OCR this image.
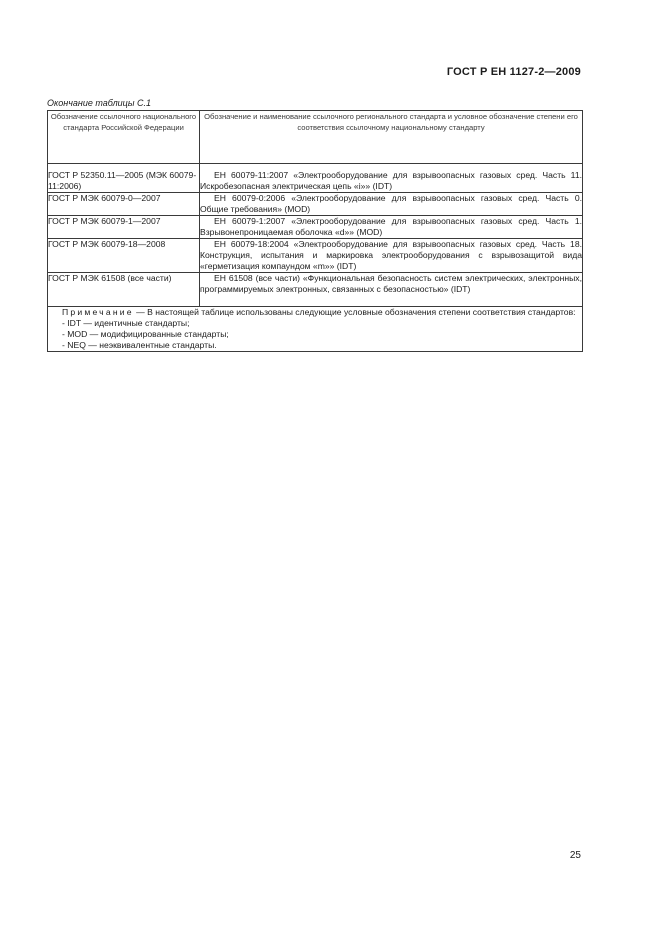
ГОСТ Р ЕН 1127-2—2009
Окончание таблицы С.1
Обозначение ссылочного национального стандарта Российской Федерации	Обозначение и наименование ссылочного регионального стандарта и условное обозначение степени его соответствия ссылочному национальному стандарту
ГОСТ Р 52350.11—2005 (МЭК 60079-11:2006)	ЕН 60079-11:2007 «Электрооборудование для взрывоопасных газовых сред. Часть 11. Искробезопасная электрическая цепь «i»» (IDT)
ГОСТ Р МЭК 60079-0—2007	ЕН 60079-0:2006 «Электрооборудование для взрывоопасных газовых сред. Часть 0. Общие требования» (MOD)
ГОСТ Р МЭК 60079-1—2007	ЕН 60079-1:2007 «Электрооборудование для взрывоопасных газовых сред. Часть 1. Взрывонепроницаемая оболочка «d»» (MOD)
ГОСТ Р МЭК 60079-18—2008	ЕН 60079-18:2004 «Электрооборудование для взрывоопасных газовых сред. Часть 18. Конструкция, испытания и маркировка электрооборудования с взрывозащитой вида «герметизация компаундом «m»» (IDT)
ГОСТ Р МЭК 61508 (все части)	ЕН 61508 (все части) «Функциональная безопасность систем электрических, электронных, программируемых электронных, связанных с безопасностью» (IDT)
Примечание — В настоящей таблице использованы следующие условные обозначения степени соответствия стандартов:
- IDT — идентичные стандарты;
- MOD — модифицированные стандарты;
- NEQ — неэквивалентные стандарты.	
25
